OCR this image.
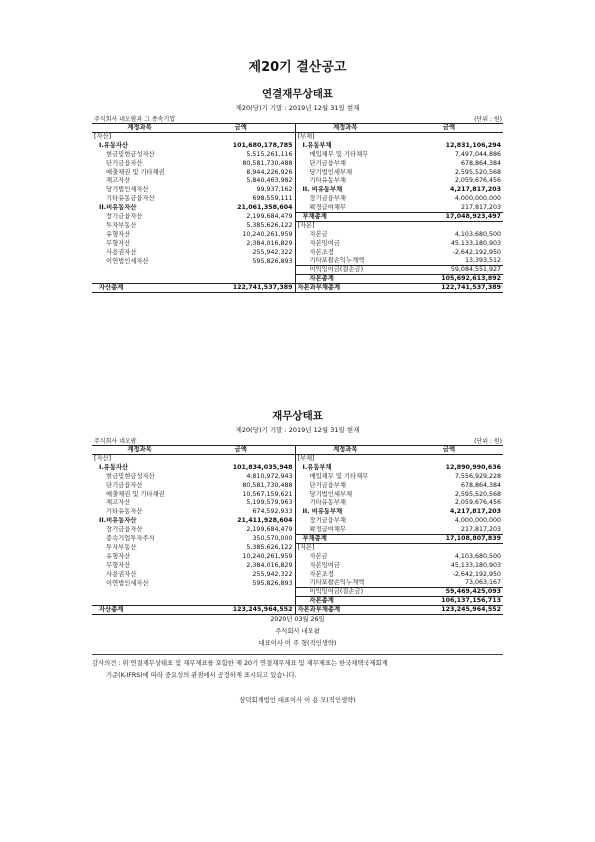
제20기 결산공고
연결재무상태표
제20(당)기 기말 : 2019년 12월 31일 현재
주식회사 네오팜과 그 종속기업	(단위 : 원)
계정과목	금액	계정과목	금액
[자산]		[부채]	
I.유동자산	101,680,178,785	I.유동부채	12,831,106,294
현금및현금성자산	5,515,261,116	매입채무 및 기타채무	7,497,044,886
단기금융자산	80,581,730,488	단기금융부채	678,864,384
매출채권 및 기타채권	8,944,226,926	당기법인세부채	2,595,520,568
재고자산	5,840,463,982	기타유동부채	2,059,676,456
당기법인세자산	99,937,162	II. 비유동부채	4,217,817,203
기타유동금융자산	698,559,111	장기금융부채	4,000,000,000
II.비유동자산	21,061,358,604	확정급여채무	217,817,203
장기금융자산	2,199,684,479	부채총계	17,048,923,497
투자부동산	5,385,626,122	[자본]	
유형자산	10,240,261,959	자본금	4,103,680,500
무형자산	2,384,016,829	자본잉여금	45,133,180,903
사용권자산	255,942,322	자본조정	-2,642,192,950
이연법인세자산	595,826,893	기타포괄손익누계액	13,393,512
		이익잉여금(결손금)	59,084,551,927
		자본총계	105,692,613,892
자산총계	122,741,537,389	자본과부채총계	122,741,537,389
재무상태표
제20(당)기 기말 : 2019년 12월 31일 현재
주식회사 네오팜	(단위 : 원)
계정과목	금액	계정과목	금액
[자산]		[부채]	
I.유동자산	101,834,035,948	I.유동부채	12,890,990,636
현금및현금성자산	4,810,972,943	매입채무 및 기타채무	7,556,929,228
단기금융자산	80,581,730,488	단기금융부채	678,864,384
매출채권 및 기타채권	10,567,159,621	당기법인세부채	2,595,520,568
재고자산	5,199,579,963	기타유동부채	2,059,676,456
기타유동자산	674,592,933	II. 비유동부채	4,217,817,203
II.비유동자산	21,411,928,604	장기금융부채	4,000,000,000
장기금융자산	2,199,684,479	확정급여채무	217,817,203
종속기업투자주식	350,570,000	부채총계	17,108,807,839
투자부동산	5,385,626,122	[자본]	
유형자산	10,240,261,959	자본금	4,103,680,500
무형자산	2,384,016,829	자본잉여금	45,133,180,903
사용권자산	255,942,322	자본조정	-2,642,192,950
이연법인세자산	595,826,893	기타포괄손익누계액	73,063,167
		이익잉여금(결손금)	59,469,425,093
		자본총계	106,137,156,713
자산총계	123,245,964,552	자본과부채총계	123,245,964,552
2020년 03월 26일
주식회사 네오팜
대표이사 이 주 형(직인생략)
감사의견 : 위 연결재무상태표 및 재무제표를 포함한 제 20기 연결재무제표 및 재무제표는 한국채택국제회계
기준(K-IFRS)에 따라 중요성의 관점에서 공정하게 표시되고 있습니다.
삼덕회계법인 대표이사 이 용 모(직인생략)
